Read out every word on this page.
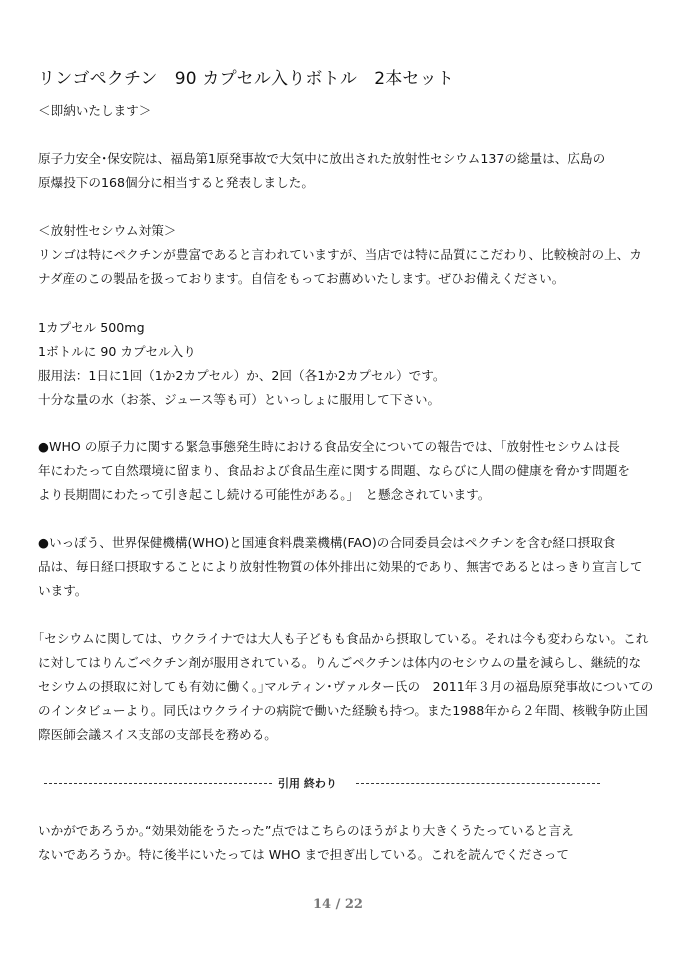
リンゴペクチン　90 カプセル入りボトル　2本セット
＜即納いたします＞
原子力安全･保安院は、福島第1原発事故で大気中に放出された放射性セシウム137の総量は、広島の
原爆投下の168個分に相当すると発表しました。
＜放射性セシウム対策＞
リンゴは特にペクチンが豊富であると言われていますが、当店では特に品質にこだわり、比較検討の上、カ
ナダ産のこの製品を扱っております。自信をもってお薦めいたします。ぜひお備えください。
1カプセル 500mg
1ボトルに 90 カプセル入り
服用法：1日に1回（1か2カプセル）か、2回（各1か2カプセル）です。
十分な量の水（お茶、ジュース等も可）といっしょに服用して下さい。
●WHO の原子力に関する緊急事態発生時における食品安全についての報告では、｢放射性セシウムは長
年にわたって自然環境に留まり、食品および食品生産に関する問題、ならびに人間の健康を脅かす問題を
より長期間にわたって引き起こし続ける可能性がある。｣　と懸念されています。
●いっぽう、世界保健機構(WHO)と国連食料農業機構(FAO)の合同委員会はペクチンを含む経口摂取食
品は、毎日経口摂取することにより放射性物質の体外排出に効果的であり、無害であるとはっきり宣言して
います。
｢セシウムに関しては、ウクライナでは大人も子どもも食品から摂取している。それは今も変わらない。これ
に対してはりんごペクチン剤が服用されている。りんごペクチンは体内のセシウムの量を減らし、継続的な
セシウムの摂取に対しても有効に働く。｣マルティン･ヴァルター氏の　2011年３月の福島原発事故についての
のインタビューより。同氏はウクライナの病院で働いた経験も持つ。また1988年から２年間、核戦争防止国
際医師会議スイス支部の支部長を務める。
引用 終わり
いかがであろうか｡“効果効能をうたった”点ではこちらのほうがより大きくうたっていると言え
ないであろうか。特に後半にいたっては WHO まで担ぎ出している。これを読んでくださって
14 / 22
